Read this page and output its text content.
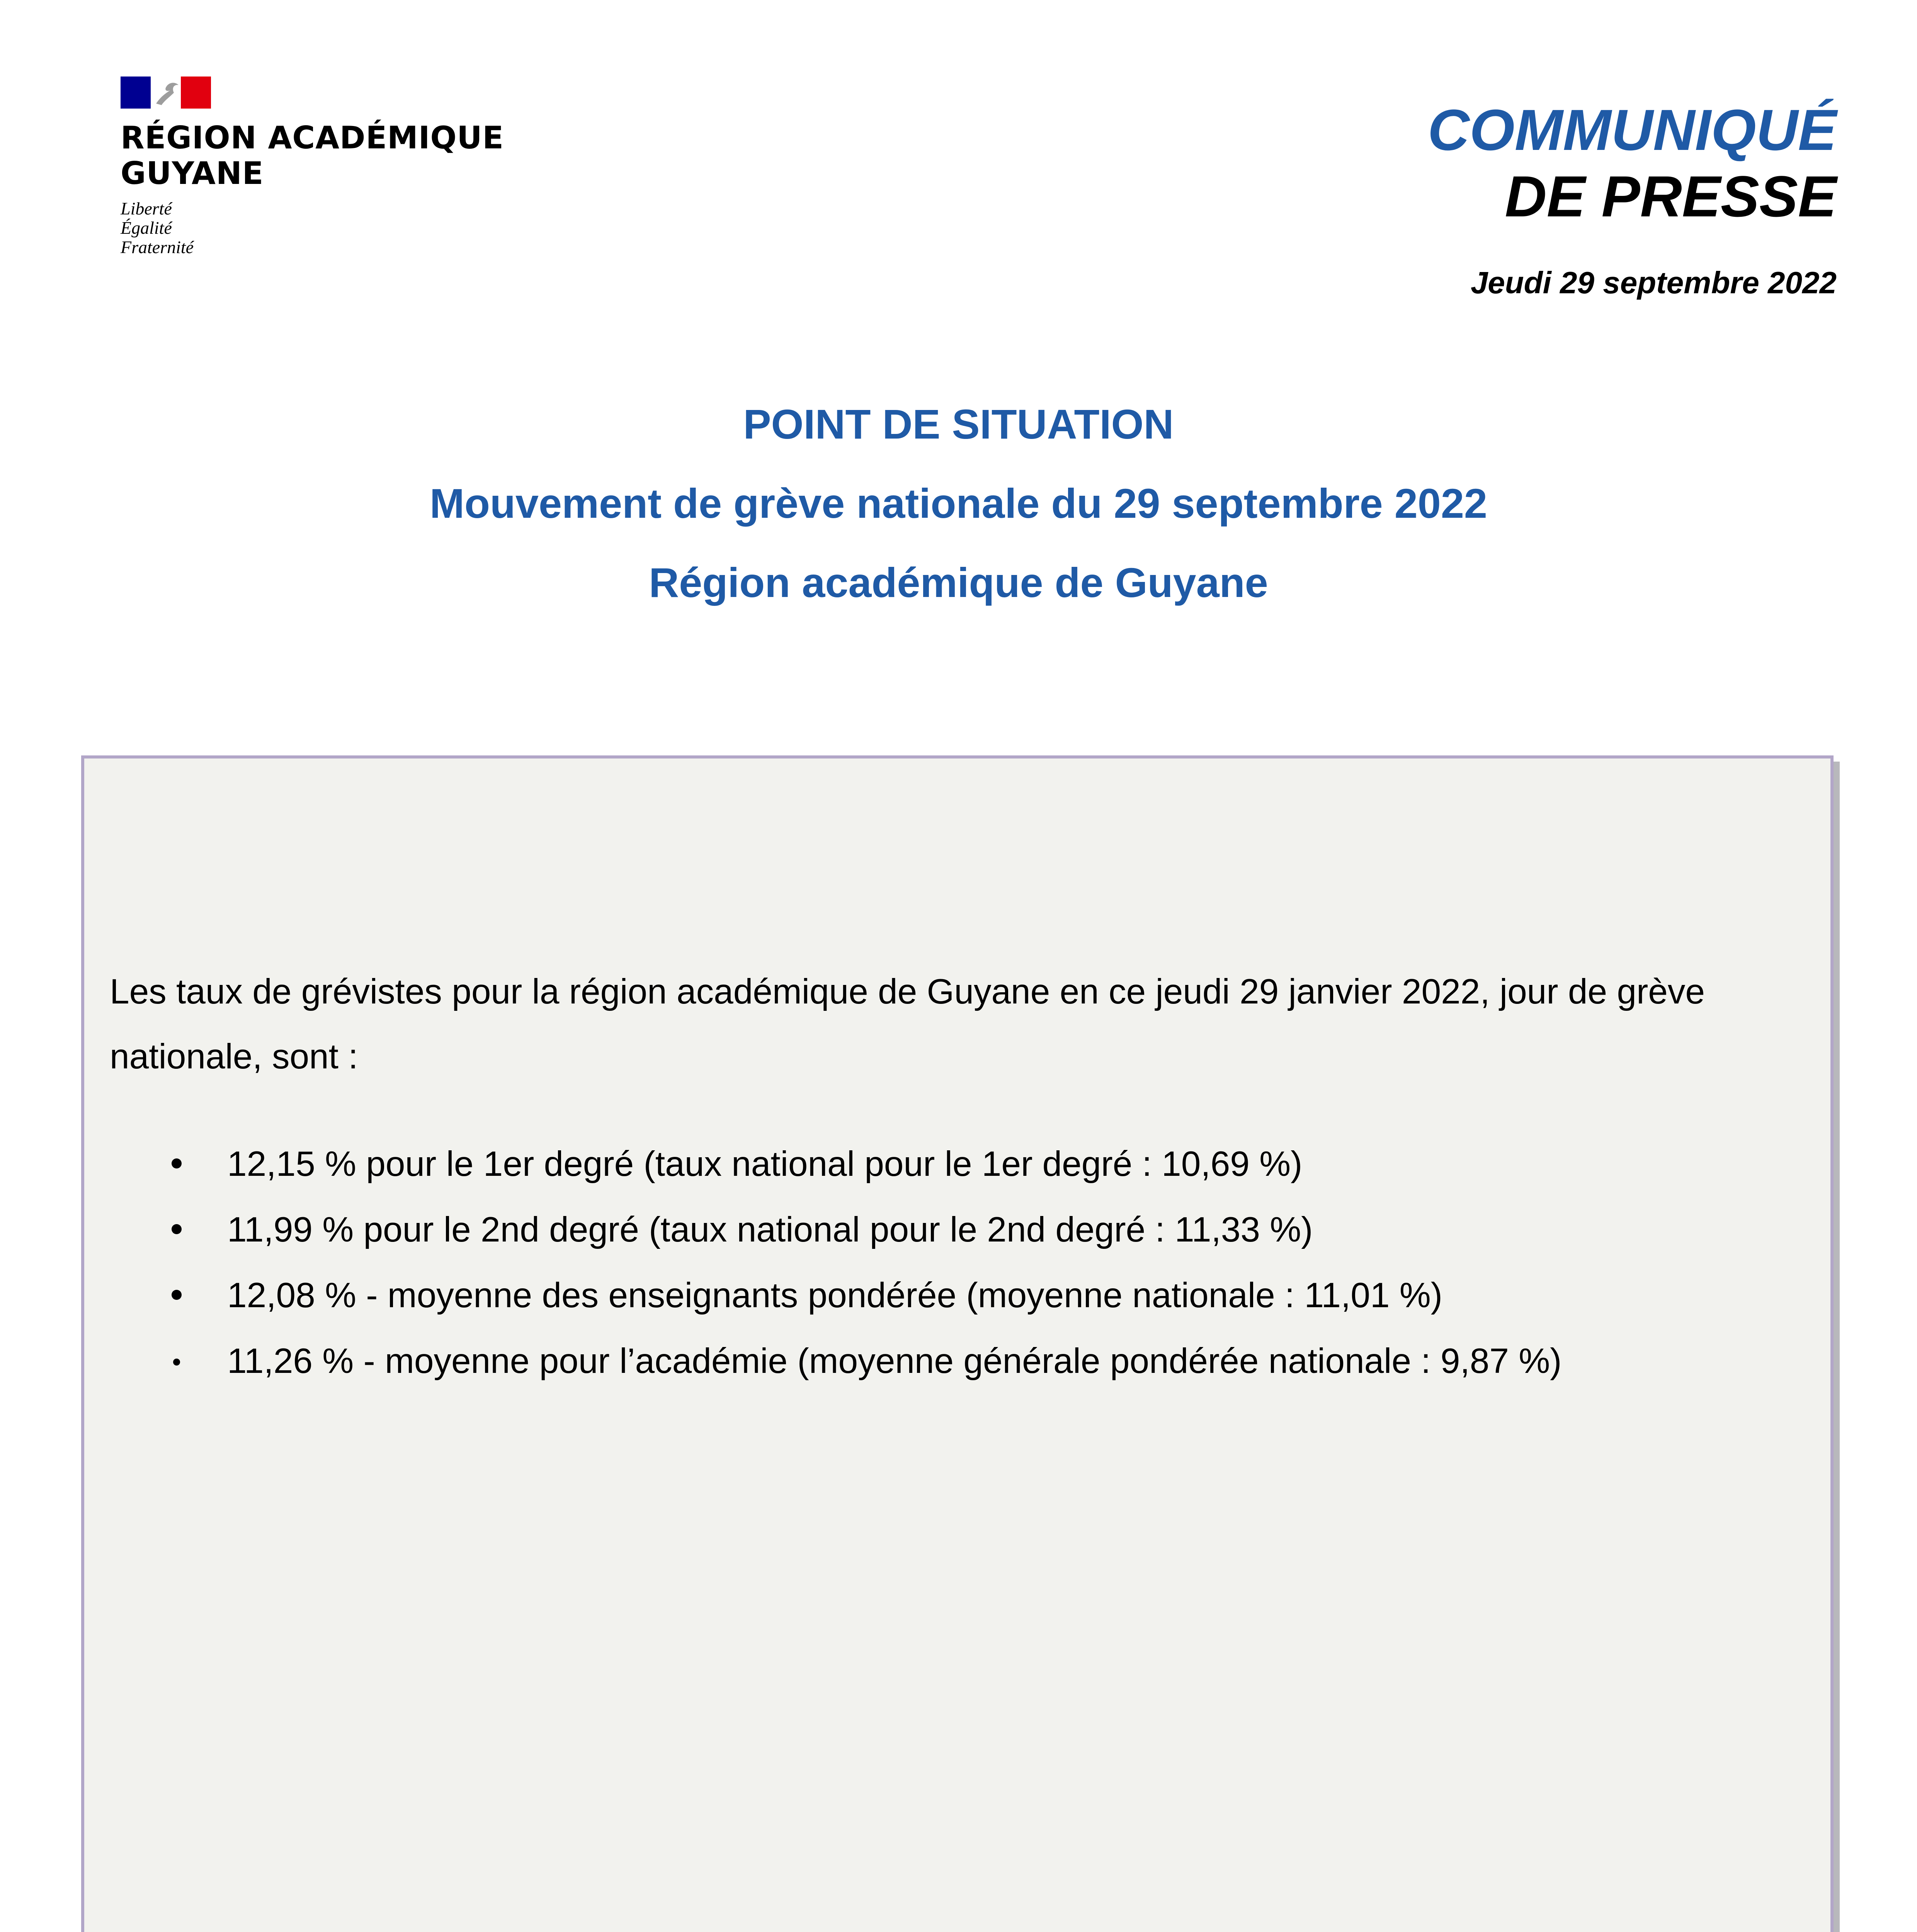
RÉGION ACADÉMIQUE
GUYANE
Liberté
Égalité
Fraternité
COMMUNIQUÉ
DE PRESSE
Jeudi 29 septembre 2022
POINT DE SITUATION
Mouvement de grève nationale du 29 septembre 2022
Région académique de Guyane
Les taux de grévistes pour la région académique de Guyane en ce jeudi 29 janvier 2022, jour de grève nationale, sont :
12,15 % pour le 1er degré (taux national pour le 1er degré : 10,69 %)
11,99 % pour le 2nd degré (taux national pour le 2nd degré : 11,33 %)
12,08 % - moyenne des enseignants pondérée (moyenne nationale : 11,01 %)
11,26 % - moyenne pour l’académie (moyenne générale pondérée nationale : 9,87 %)
